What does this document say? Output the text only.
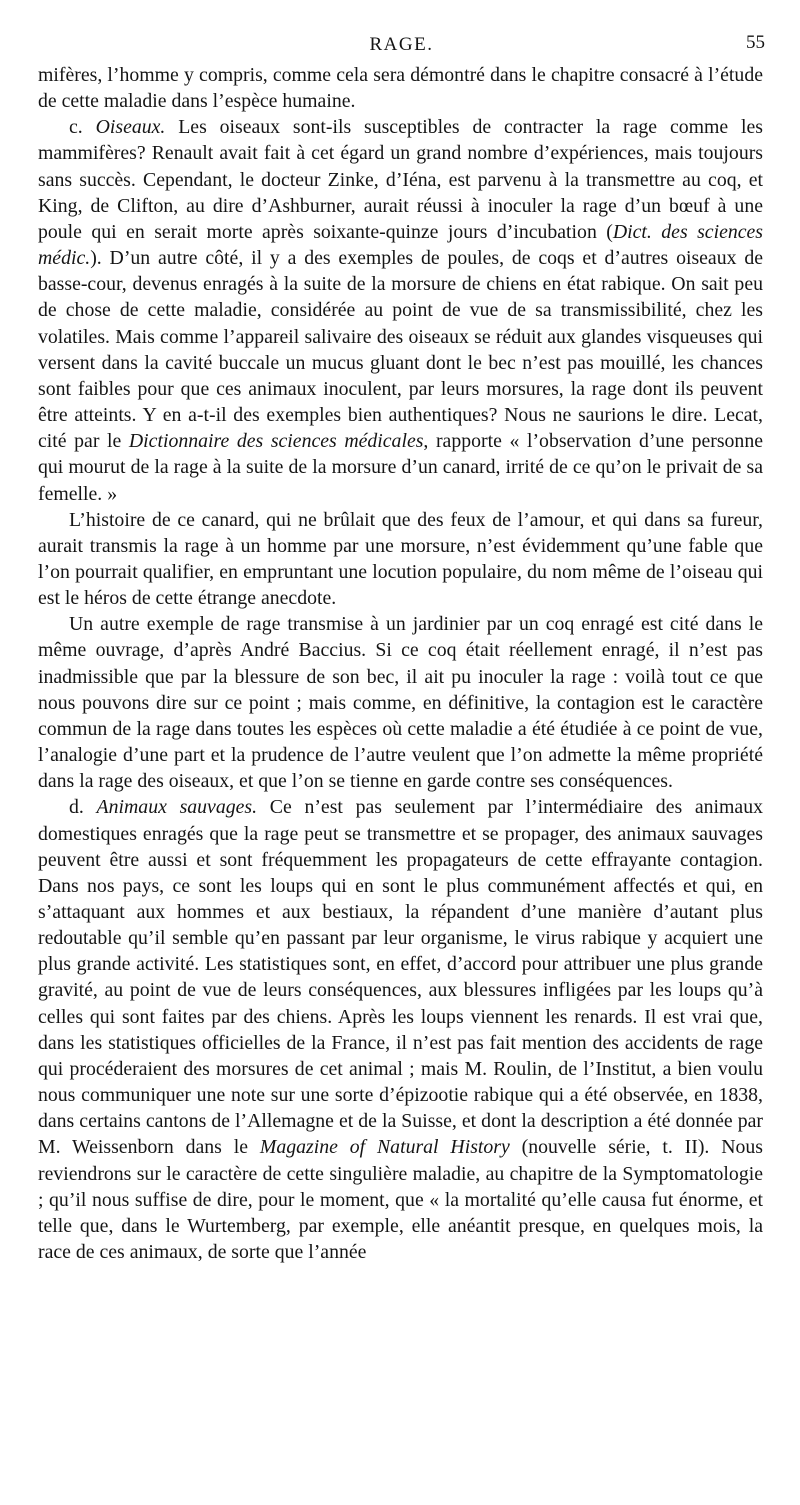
RAGE.	55

mifères, l’homme y compris, comme cela sera démontré dans le chapitre consacré à l’étude de cette maladie dans l’espèce humaine.

c. Oiseaux. Les oiseaux sont-ils susceptibles de contracter la rage comme les mammifères? Renault avait fait à cet égard un grand nombre d’expériences, mais toujours sans succès. Cependant, le docteur Zinke, d’Iéna, est parvenu à la transmettre au coq, et King, de Clifton, au dire d’Ashburner, aurait réussi à inoculer la rage d’un bœuf à une poule qui en serait morte après soixante-quinze jours d’incubation (Dict. des sciences médic.). D’un autre côté, il y a des exemples de poules, de coqs et d’autres oiseaux de basse-cour, devenus enragés à la suite de la morsure de chiens en état rabique. On sait peu de chose de cette maladie, considérée au point de vue de sa transmissibilité, chez les volatiles. Mais comme l’appareil salivaire des oiseaux se réduit aux glandes visqueuses qui versent dans la cavité buccale un mucus gluant dont le bec n’est pas mouillé, les chances sont faibles pour que ces animaux inoculent, par leurs morsures, la rage dont ils peuvent être atteints. Y en a-t-il des exemples bien authentiques? Nous ne saurions le dire. Lecat, cité par le Dictionnaire des sciences médicales, rapporte « l’observation d’une personne qui mourut de la rage à la suite de la morsure d’un canard, irrité de ce qu’on le privait de sa femelle. »

L’histoire de ce canard, qui ne brûlait que des feux de l’amour, et qui dans sa fureur, aurait transmis la rage à un homme par une morsure, n’est évidemment qu’une fable que l’on pourrait qualifier, en empruntant une locution populaire, du nom même de l’oiseau qui est le héros de cette étrange anecdote.

Un autre exemple de rage transmise à un jardinier par un coq enragé est cité dans le même ouvrage, d’après André Baccius. Si ce coq était réellement enragé, il n’est pas inadmissible que par la blessure de son bec, il ait pu inoculer la rage : voilà tout ce que nous pouvons dire sur ce point ; mais comme, en définitive, la contagion est le caractère commun de la rage dans toutes les espèces où cette maladie a été étudiée à ce point de vue, l’analogie d’une part et la prudence de l’autre veulent que l’on admette la même propriété dans la rage des oiseaux, et que l’on se tienne en garde contre ses conséquences.

d. Animaux sauvages. Ce n’est pas seulement par l’intermédiaire des animaux domestiques enragés que la rage peut se transmettre et se propager, des animaux sauvages peuvent être aussi et sont fréquemment les propagateurs de cette effrayante contagion. Dans nos pays, ce sont les loups qui en sont le plus communément affectés et qui, en s’attaquant aux hommes et aux bestiaux, la répandent d’une manière d’autant plus redoutable qu’il semble qu’en passant par leur organisme, le virus rabique y acquiert une plus grande activité. Les statistiques sont, en effet, d’accord pour attribuer une plus grande gravité, au point de vue de leurs conséquences, aux blessures infligées par les loups qu’à celles qui sont faites par des chiens. Après les loups viennent les renards. Il est vrai que, dans les statistiques officielles de la France, il n’est pas fait mention des accidents de rage qui procéderaient des morsures de cet animal ; mais M. Roulin, de l’Institut, a bien voulu nous communiquer une note sur une sorte d’épizootie rabique qui a été observée, en 1838, dans certains cantons de l’Allemagne et de la Suisse, et dont la description a été donnée par M. Weissenborn dans le Magazine of Natural History (nouvelle série, t. II). Nous reviendrons sur le caractère de cette singulière maladie, au chapitre de la Symptomatologie ; qu’il nous suffise de dire, pour le moment, que « la mortalité qu’elle causa fut énorme, et telle que, dans le Wurtemberg, par exemple, elle anéantit presque, en quelques mois, la race de ces animaux, de sorte que l’année
